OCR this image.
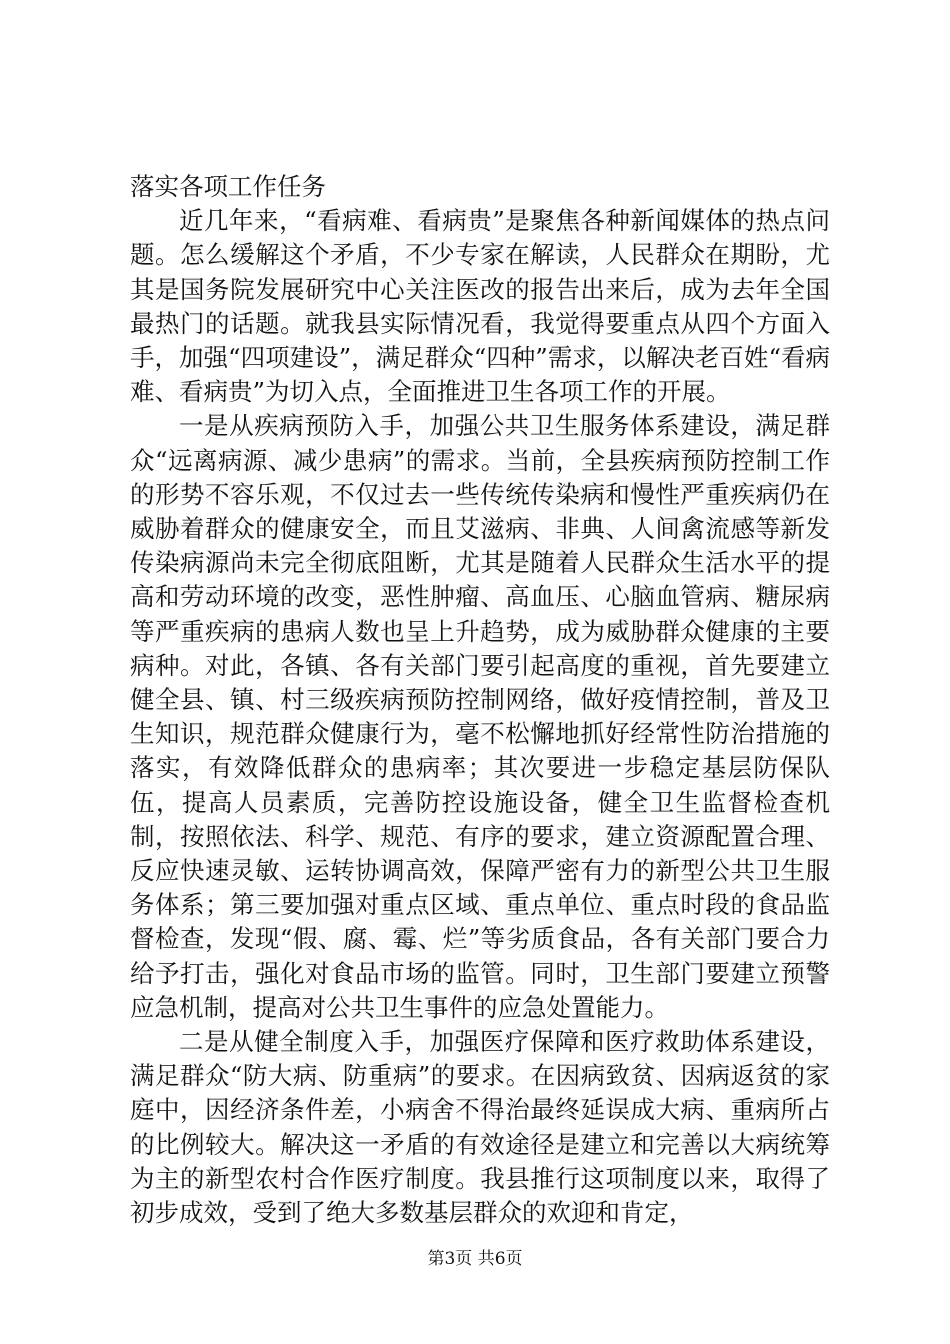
落实各项工作任务

近几年来，“看病难、看病贵”是聚焦各种新闻媒体的热点问题。怎么缓解这个矛盾，不少专家在解读，人民群众在期盼，尤其是国务院发展研究中心关注医改的报告出来后，成为去年全国最热门的话题。就我县实际情况看，我觉得要重点从四个方面入手，加强“四项建设”，满足群众“四种”需求，以解决老百姓“看病难、看病贵”为切入点，全面推进卫生各项工作的开展。

一是从疾病预防入手，加强公共卫生服务体系建设，满足群众“远离病源、减少患病”的需求。当前，全县疾病预防控制工作的形势不容乐观，不仅过去一些传统传染病和慢性严重疾病仍在威胁着群众的健康安全，而且艾滋病、非典、人间禽流感等新发传染病源尚未完全彻底阻断，尤其是随着人民群众生活水平的提高和劳动环境的改变，恶性肿瘤、高血压、心脑血管病、糖尿病等严重疾病的患病人数也呈上升趋势，成为威胁群众健康的主要病种。对此，各镇、各有关部门要引起高度的重视，首先要建立健全县、镇、村三级疾病预防控制网络，做好疫情控制，普及卫生知识，规范群众健康行为，毫不松懈地抓好经常性防治措施的落实，有效降低群众的患病率；其次要进一步稳定基层防保队伍，提高人员素质，完善防控设施设备，健全卫生监督检查机制，按照依法、科学、规范、有序的要求，建立资源配置合理、反应快速灵敏、运转协调高效，保障严密有力的新型公共卫生服务体系；第三要加强对重点区域、重点单位、重点时段的食品监督检查，发现“假、腐、霉、烂”等劣质食品，各有关部门要合力给予打击，强化对食品市场的监管。同时，卫生部门要建立预警应急机制，提高对公共卫生事件的应急处置能力。

二是从健全制度入手，加强医疗保障和医疗救助体系建设，满足群众“防大病、防重病”的要求。在因病致贫、因病返贫的家庭中，因经济条件差，小病舍不得治最终延误成大病、重病所占的比例较大。解决这一矛盾的有效途径是建立和完善以大病统筹为主的新型农村合作医疗制度。我县推行这项制度以来，取得了初步成效，受到了绝大多数基层群众的欢迎和肯定，

第3页 共6页
